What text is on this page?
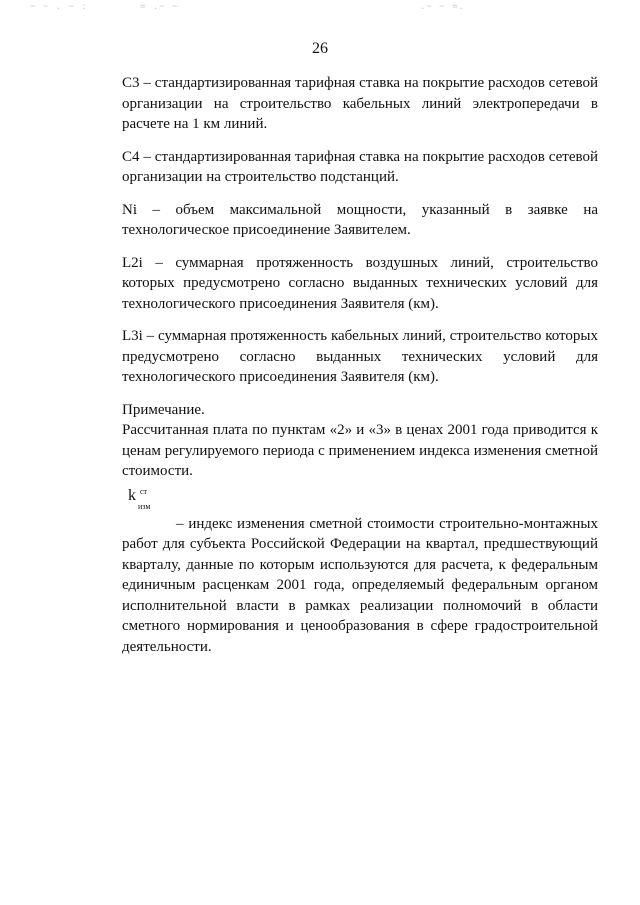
~ ~ . ~ :	= .~ ~	.~ ~ =.
26

С3 – стандартизированная тарифная ставка на покрытие расходов сетевой организации на строительство кабельных линий электропередачи в расчете на 1 км линий.

С4 – стандартизированная тарифная ставка на покрытие расходов сетевой организации на строительство подстанций.

Ni – объем максимальной мощности, указанный в заявке на технологическое присоединение Заявителем.

L2i – суммарная протяженность воздушных линий, строительство которых предусмотрено согласно выданных технических условий для технологического присоединения Заявителя (км).

L3i – суммарная протяженность кабельных линий, строительство которых предусмотрено согласно выданных технических условий для технологического присоединения Заявителя (км).

Примечание.

Рассчитанная плата по пунктам «2» и «3» в ценах 2001 года приводится к ценам регулируемого периода с применением индекса изменения сметной стоимости.

k ст
изм

– индекс изменения сметной стоимости строительно-монтажных работ для субъекта Российской Федерации на квартал, предшествующий кварталу, данные по которым используются для расчета, к федеральным единичным расценкам 2001 года, определяемый федеральным органом исполнительной власти в рамках реализации полномочий в области сметного нормирования и ценообразования в сфере градостроительной деятельности.
